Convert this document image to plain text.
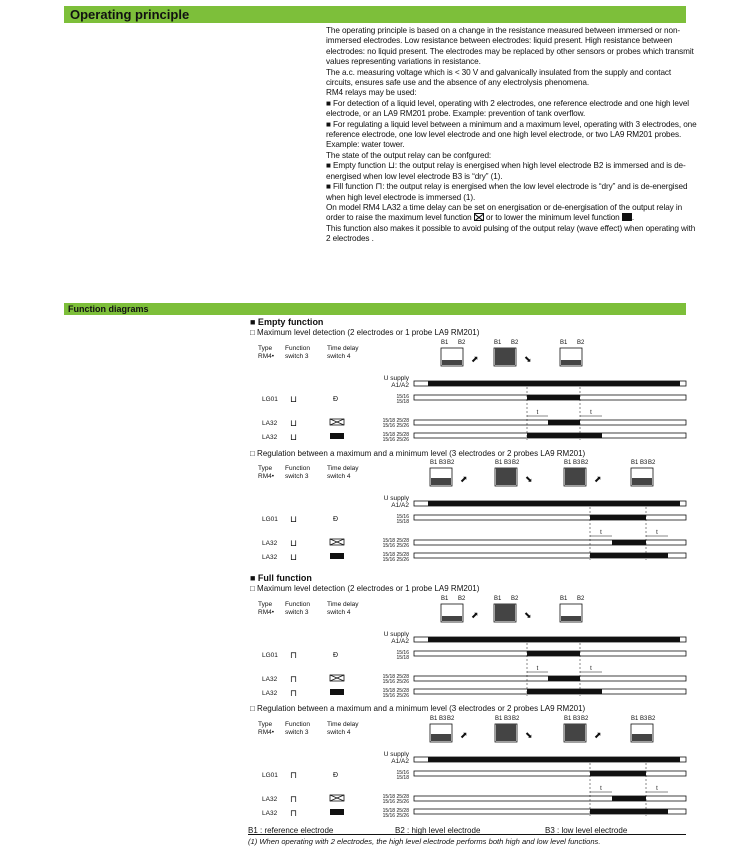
Operating principle

The operating principle is based on a change in the resistance measured between immersed or non-immersed electrodes. Low resistance between electrodes: liquid present. High resistance between electrodes: no liquid present. The electrodes may be replaced by other sensors or probes which transmit values representing variations in resistance.

The a.c. measuring voltage which is < 30 V and galvanically insulated from the supply and contact circuits, ensures safe use and the absence of any electrolysis phenomena.

RM4 relays may be used:

■ For detection of a liquid level, operating with 2 electrodes, one reference electrode and one high level electrode, or an LA9 RM201 probe. Example: prevention of tank overflow.

■ For regulating a liquid level between a minimum and a maximum level, operating with 3 electrodes, one reference electrode, one low level electrode and one high level electrode, or two LA9 RM201 probes.

Example: water tower.

The state of the output relay can be confgured:

■ Empty function ⊔: the output relay is energised when high level electrode B2 is immersed and is de-energised when low level electrode B3 is “dry” (1).

■ Fill function ⊓: the output relay is energised when the low level electrode is “dry” and is de-energised when high level electrode is immersed (1).

On model RM4 LA32 a time delay can be set on energisation or de-energisation of the output relay in order to raise the maximum level function ☒ or to lower the minimum level function .

This function also makes it possible to avoid pulsing of the output relay (wave effect) when operating with 2 electrodes .

Function diagrams
■ Empty function
□ Maximum level detection (2 electrodes or 1 probe LA9 RM201)
□ Regulation between a maximum and a minimum level (3 electrodes or 2 probes LA9 RM201)
■ Full function
□ Maximum level detection (2 electrodes or 1 probe LA9 RM201)
□ Regulation between a maximum and a minimum level (3 electrodes or 2 probes LA9 RM201)
Type
RM4•
Function
switch 3
Time delay
switch 4
B1 B2
⬈
B1 B2
⬊
B1 B2
U supply
A1/A2
LG01 ⊔	Ð	15/16
15/18
LA32 ⊔	15/18 25/28
15/16 25/26
LA32 ⊔	15/18 25/28
15/16 25/26
t	t
Type
RM4•
Function
switch 3
Time delay
switch 4
B1 B3 B2
⬈
B1 B3 B2
⬊
B1 B3 B2
⬈
B1 B3 B2
U supply
A1/A2
LG01 ⊔	Ð	15/16
15/18
LA32 ⊔	15/18 25/28
15/16 25/26
LA32 ⊔	15/18 25/28
15/16 25/26
t	t
Type
RM4•
Function
switch 3
Time delay
switch 4
B1 B2
⬈
B1 B2
⬊
B1 B2
U supply
A1/A2
LG01 ⊓	Ð	15/16
15/18
LA32 ⊓	15/18 25/28
15/16 25/26
LA32 ⊓	15/18 25/28
15/16 25/26
t	t
Type
RM4•
Function
switch 3
Time delay
switch 4
B1 B3 B2
⬈
B1 B3 B2
⬊
B1 B3 B2
⬈
B1 B3 B2
U supply
A1/A2
LG01 ⊓	Ð	15/16
15/18
LA32 ⊓	15/18 25/28
15/16 25/26
LA32 ⊓	15/18 25/28
15/16 25/26
t	t
B1 : reference electrode	B2 : high level electrode	B3 : low level electrode
(1) When operating with 2 electrodes, the high level electrode performs both high and low level functions.
